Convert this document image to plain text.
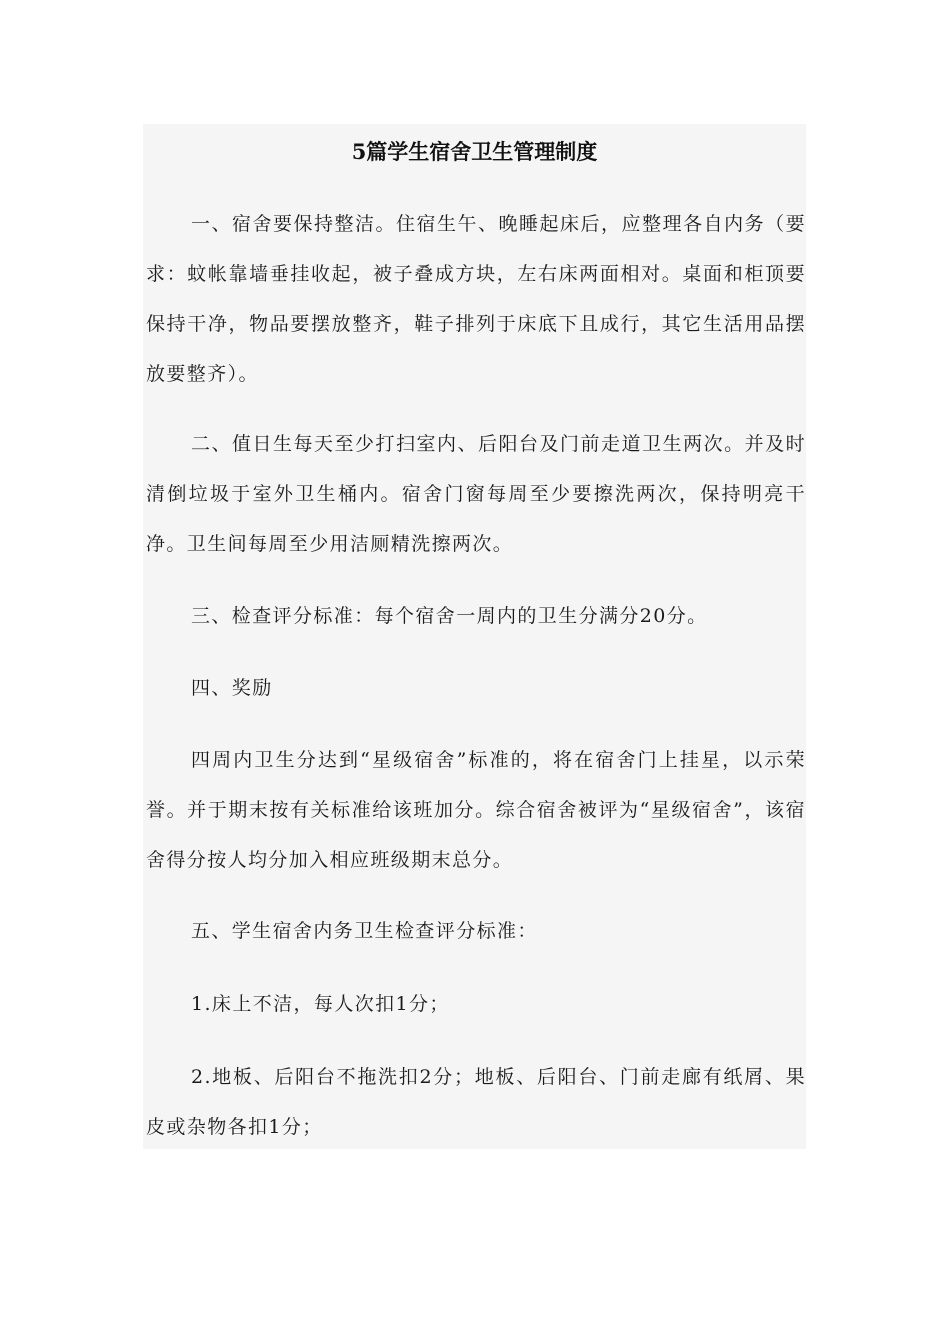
5篇学生宿舍卫生管理制度

一、宿舍要保持整洁。住宿生午、晚睡起床后，应整理各自内务（要求：蚊帐靠墙垂挂收起，被子叠成方块，左右床两面相对。桌面和柜顶要保持干净，物品要摆放整齐，鞋子排列于床底下且成行，其它生活用品摆放要整齐）。

二、值日生每天至少打扫室内、后阳台及门前走道卫生两次。并及时清倒垃圾于室外卫生桶内。宿舍门窗每周至少要擦洗两次，保持明亮干净。卫生间每周至少用洁厕精洗擦两次。

三、检查评分标准：每个宿舍一周内的卫生分满分20分。

四、奖励

四周内卫生分达到“星级宿舍”标准的，将在宿舍门上挂星，以示荣誉。并于期末按有关标准给该班加分。综合宿舍被评为“星级宿舍”，该宿舍得分按人均分加入相应班级期末总分。

五、学生宿舍内务卫生检查评分标准：

1.床上不洁，每人次扣1分；

2.地板、后阳台不拖洗扣2分；地板、后阳台、门前走廊有纸屑、果皮或杂物各扣1分；
